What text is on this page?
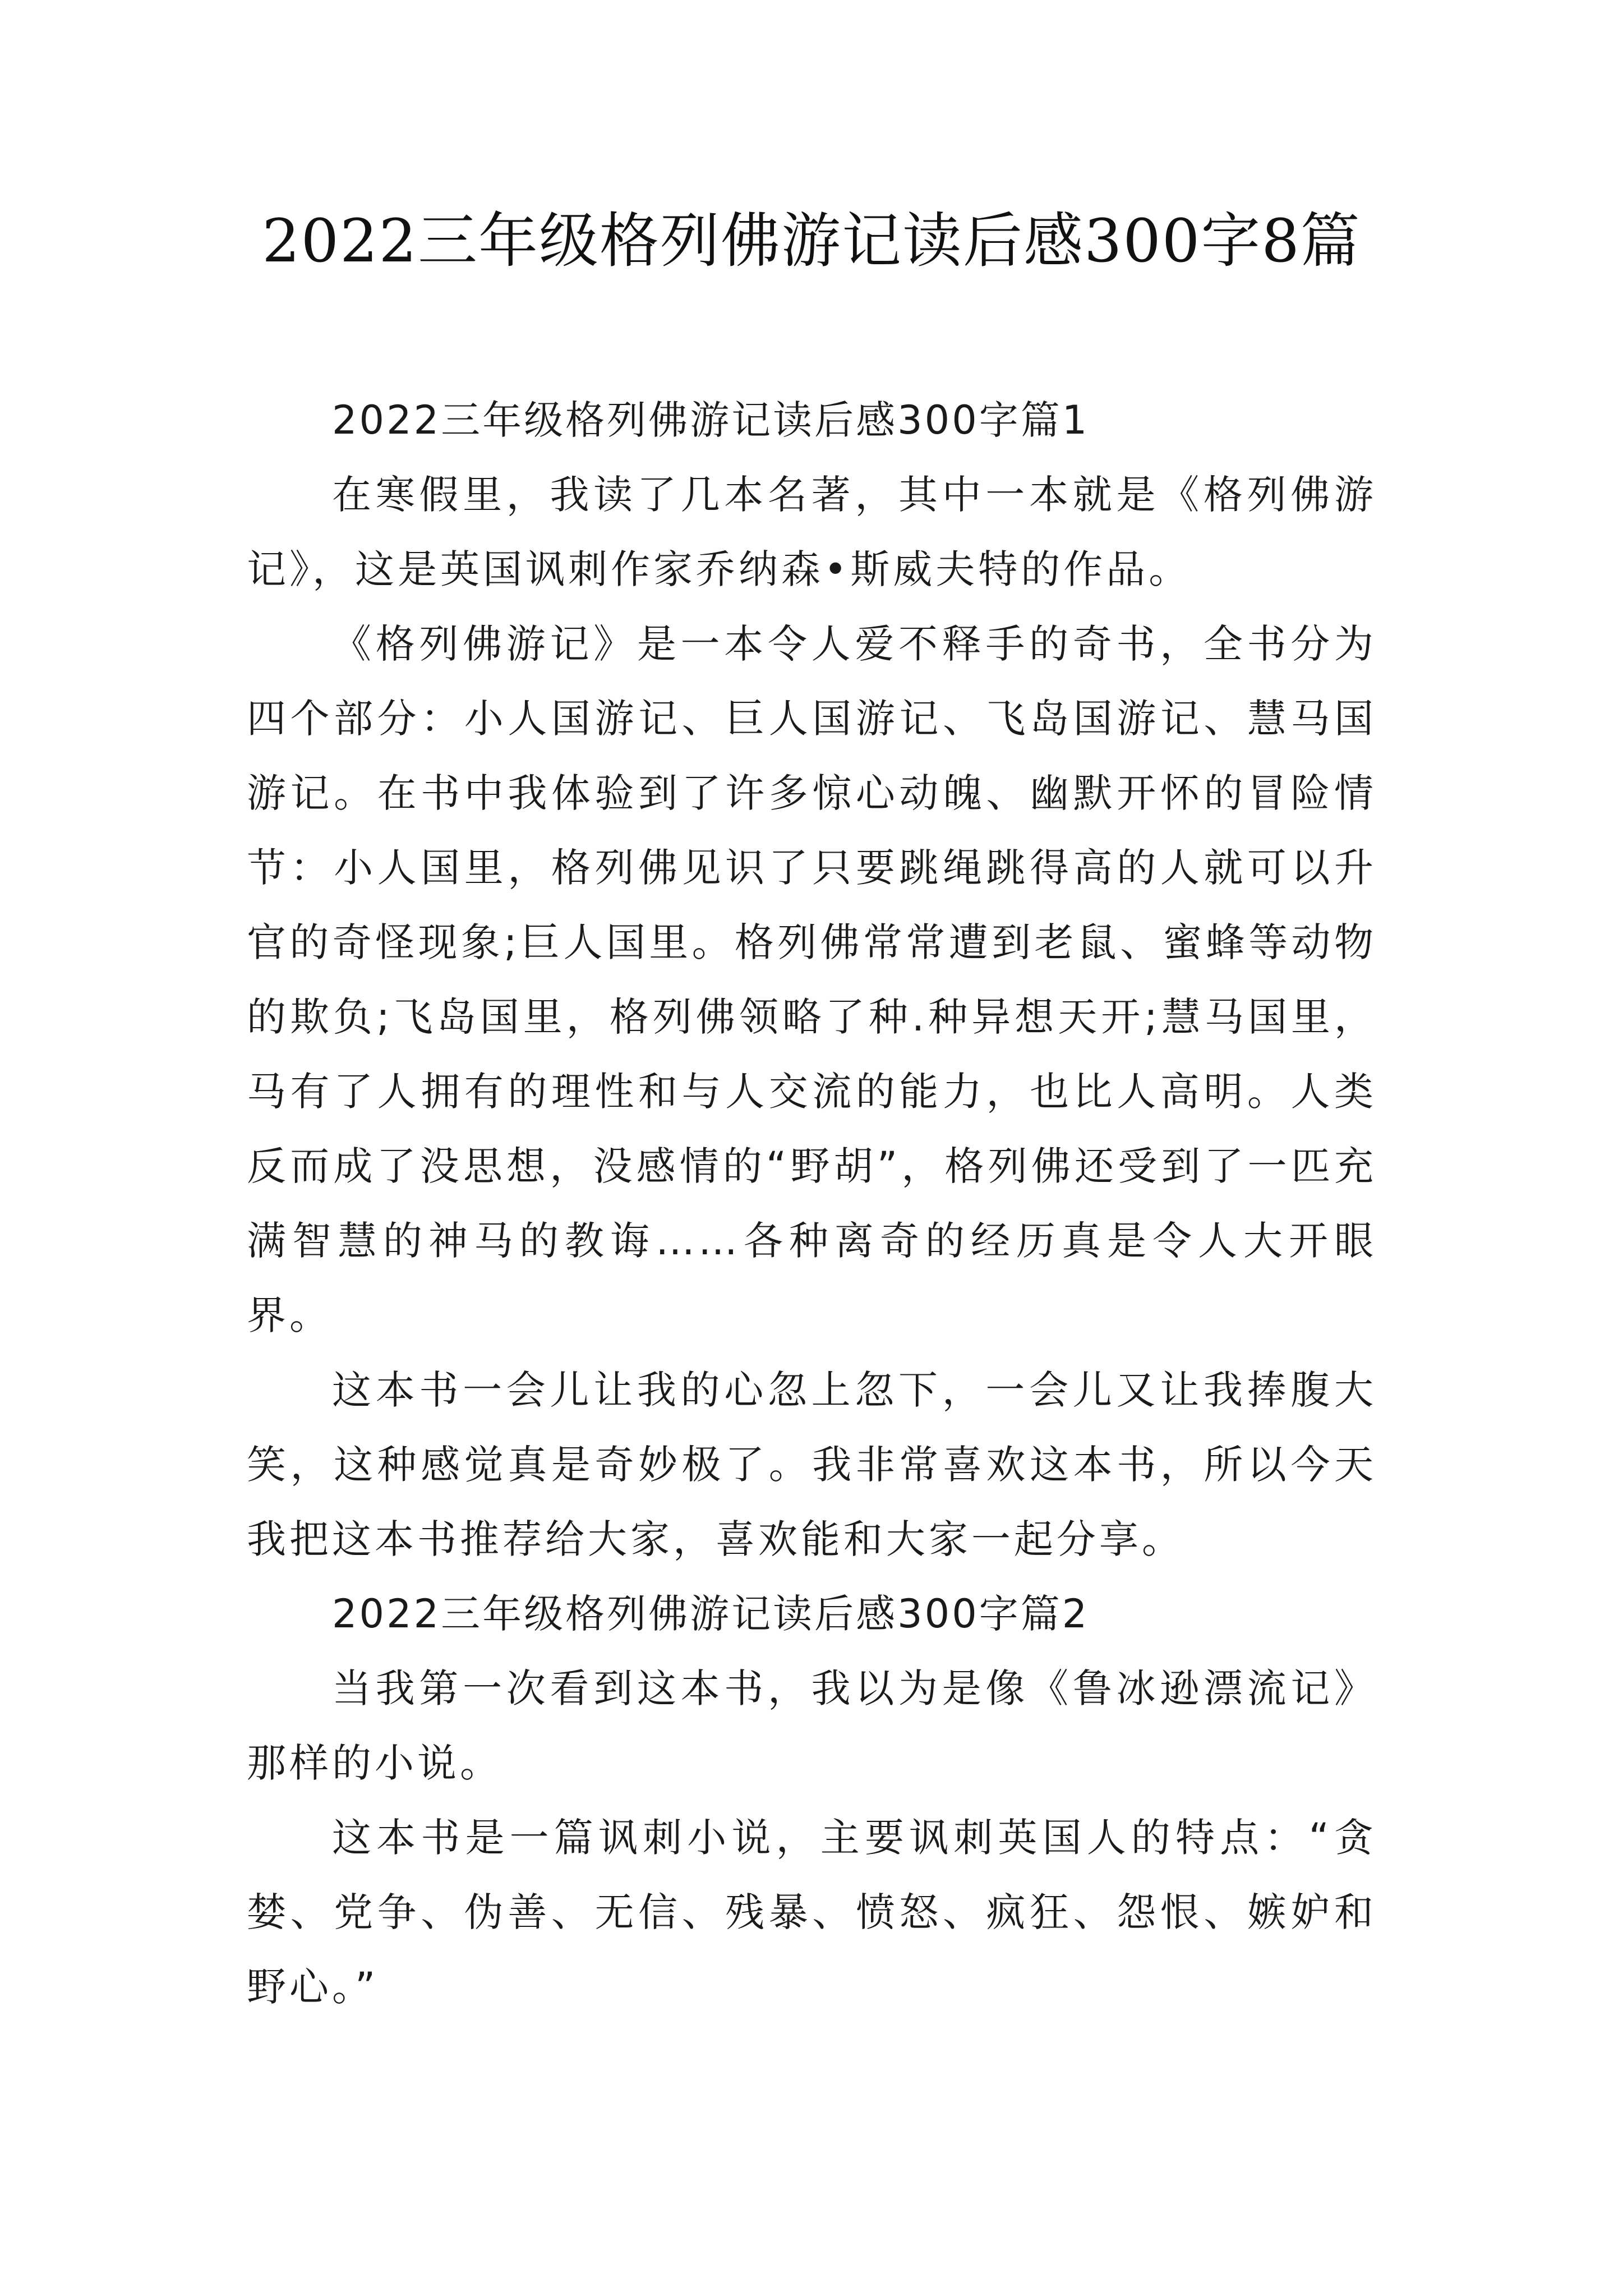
2022三年级格列佛游记读后感300字8篇

2022三年级格列佛游记读后感300字篇1

在寒假里，我读了几本名著，其中一本就是《格列佛游记》，这是英国讽刺作家乔纳森•斯威夫特的作品。

《格列佛游记》是一本令人爱不释手的奇书，全书分为四个部分：小人国游记、巨人国游记、飞岛国游记、慧马国游记。在书中我体验到了许多惊心动魄、幽默开怀的冒险情节：小人国里，格列佛见识了只要跳绳跳得高的人就可以升官的奇怪现象;巨人国里。格列佛常常遭到老鼠、蜜蜂等动物的欺负;飞岛国里，格列佛领略了种.种异想天开;慧马国里，马有了人拥有的理性和与人交流的能力，也比人高明。人类反而成了没思想，没感情的“野胡”，格列佛还受到了一匹充满智慧的神马的教诲……各种离奇的经历真是令人大开眼界。

这本书一会儿让我的心忽上忽下，一会儿又让我捧腹大笑，这种感觉真是奇妙极了。我非常喜欢这本书，所以今天我把这本书推荐给大家，喜欢能和大家一起分享。

2022三年级格列佛游记读后感300字篇2

当我第一次看到这本书，我以为是像《鲁冰逊漂流记》那样的小说。

这本书是一篇讽刺小说，主要讽刺英国人的特点：“贪婪、党争、伪善、无信、残暴、愤怒、疯狂、怨恨、嫉妒和野心。”
